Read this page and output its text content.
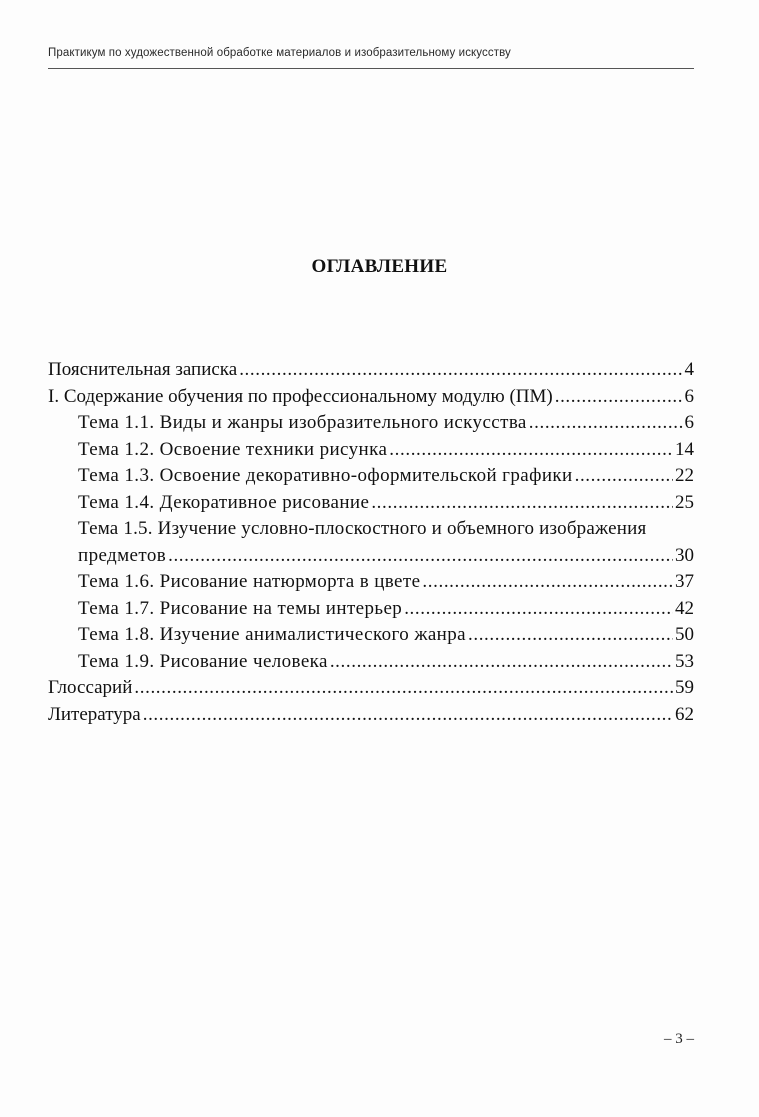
Практикум по художественной обработке материалов и изобразительному искусству
ОГЛАВЛЕНИЕ
Пояснительная записка .....	4
I. Содержание обучения по профессиональному модулю (ПМ) .....	6
Тема 1.1. Виды и жанры изобразительного искусства .....	6
Тема 1.2. Освоение техники рисунка .....	14
Тема 1.3. Освоение декоративно-оформительской графики .....	22
Тема 1.4. Декоративное рисование .....	25
Тема 1.5. Изучение условно-плоскостного и объемного изображения
предметов .....	30
Тема 1.6. Рисование натюрморта в цвете .....	37
Тема 1.7. Рисование на темы интерьер .....	42
Тема 1.8. Изучение анималистического жанра .....	50
Тема 1.9. Рисование человека .....	53
Глоссарий .....	59
Литература .....	62
– 3 –
